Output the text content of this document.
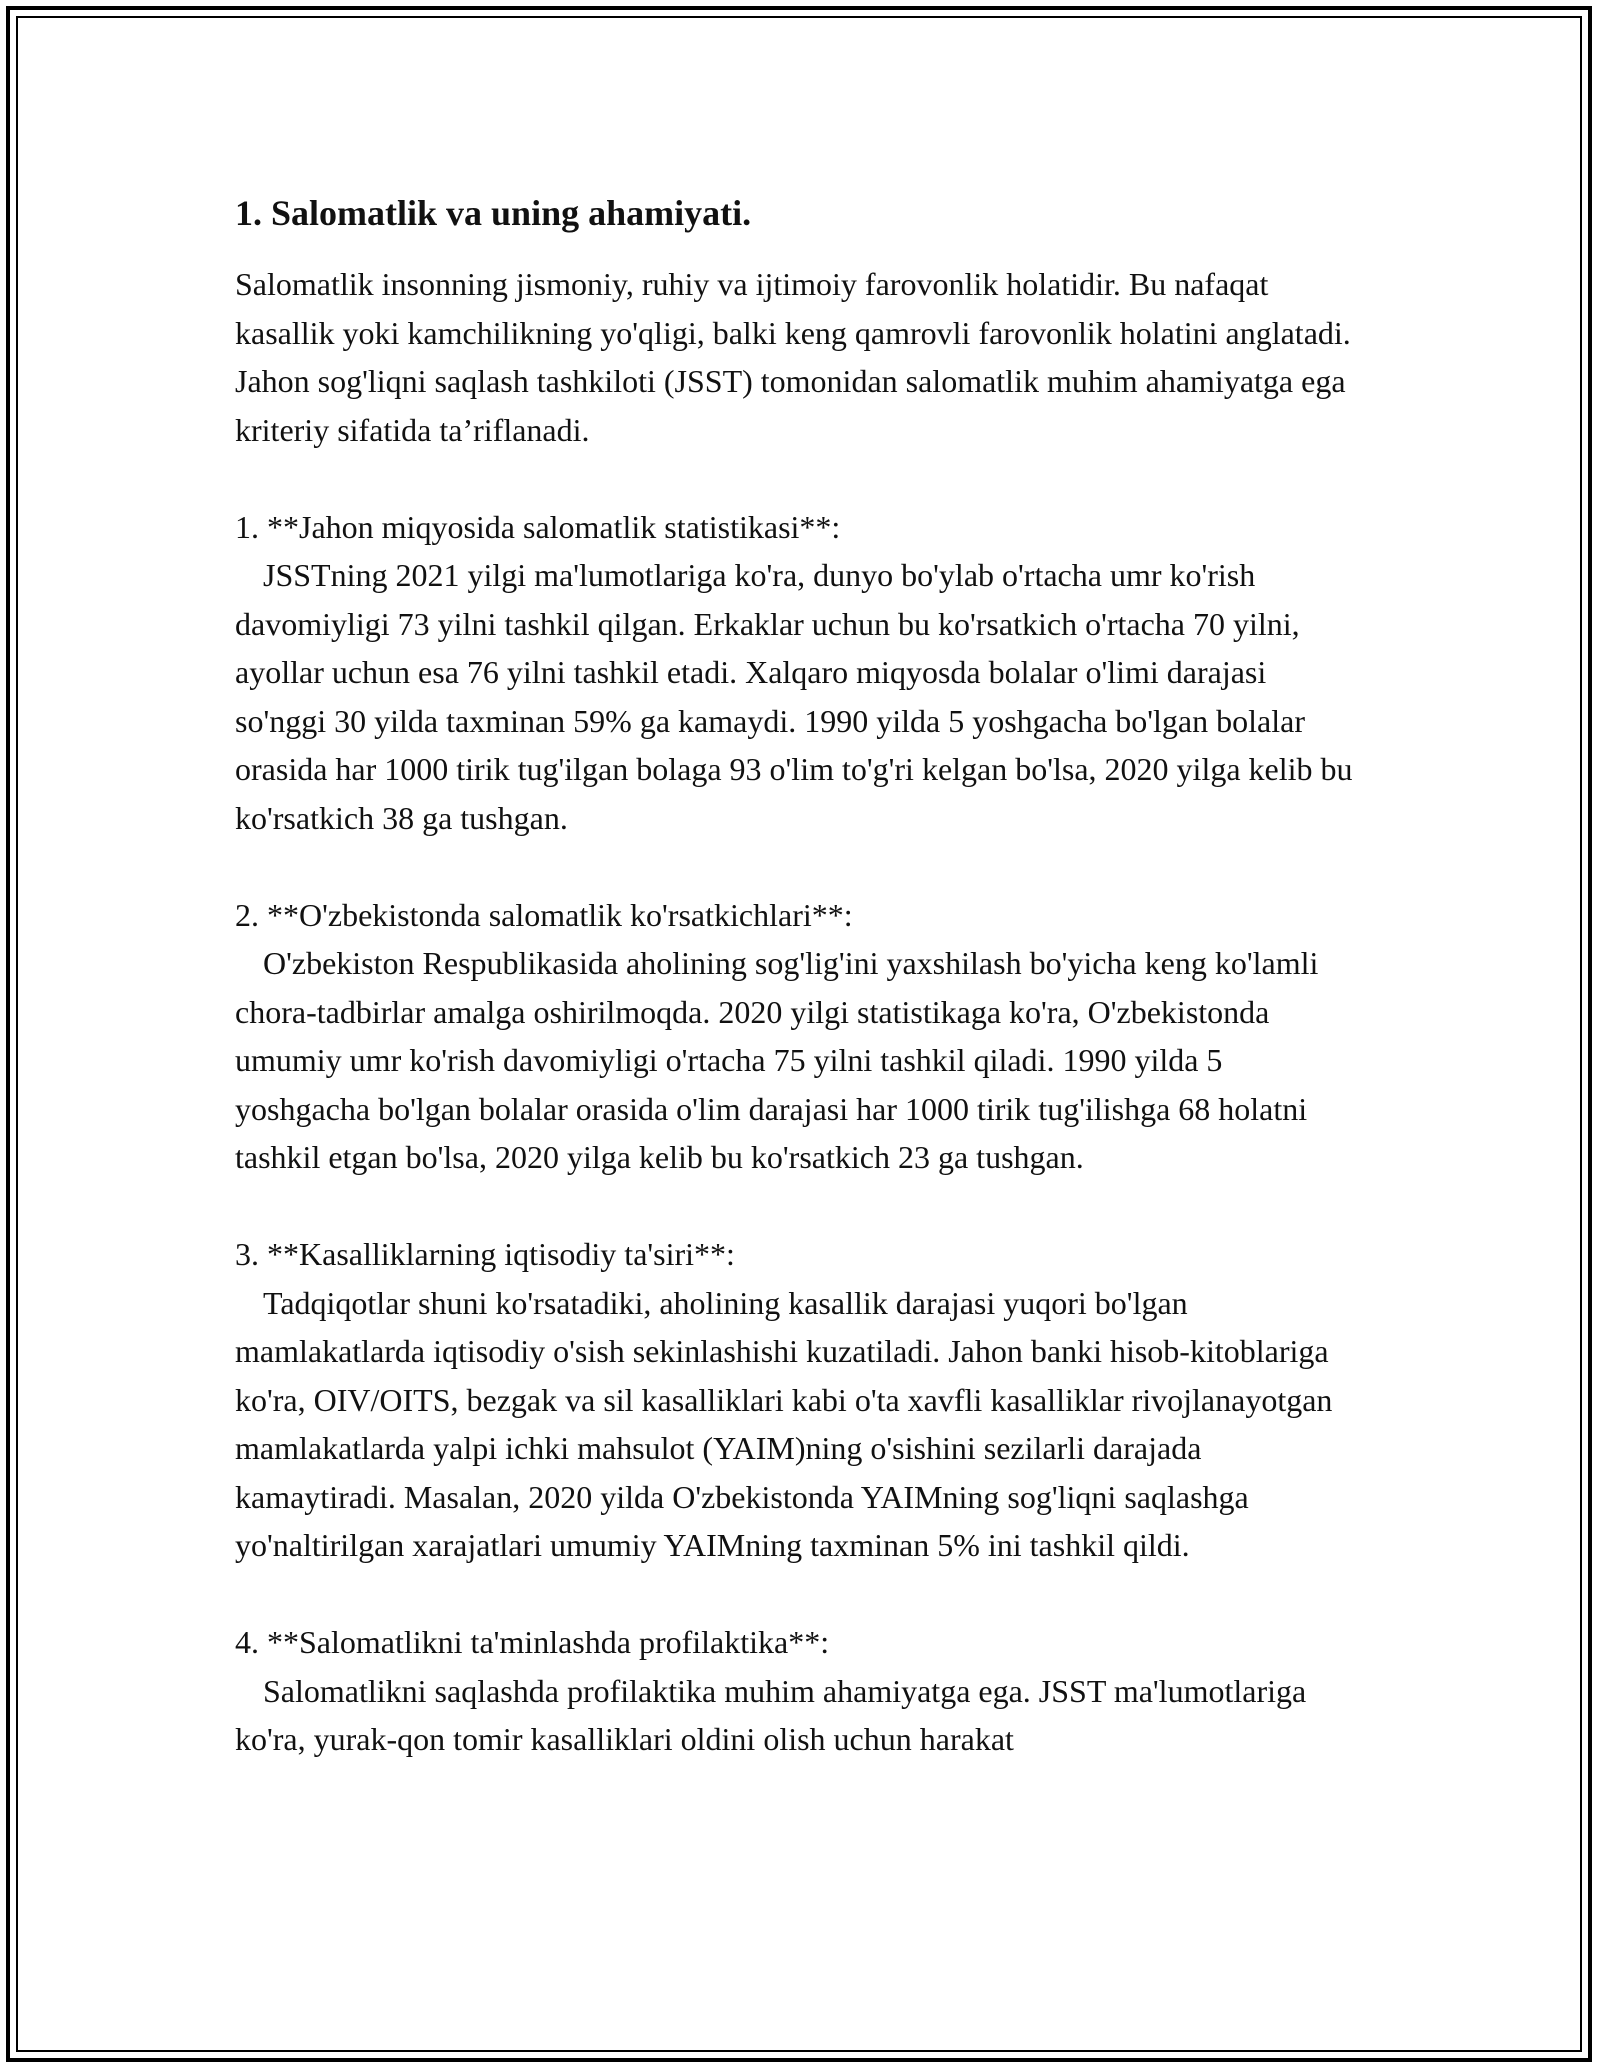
1. Salomatlik va uning ahamiyati.

Salomatlik insonning jismoniy, ruhiy va ijtimoiy farovonlik holatidir. Bu nafaqat kasallik yoki kamchilikning yo'qligi, balki keng qamrovli farovonlik holatini anglatadi. Jahon sog'liqni saqlash tashkiloti (JSST) tomonidan salomatlik muhim ahamiyatga ega kriteriy sifatida ta’riflanadi.

1. **Jahon miqyosida salomatlik statistikasi**:
JSSTning 2021 yilgi ma'lumotlariga ko'ra, dunyo bo'ylab o'rtacha umr ko'rish davomiyligi 73 yilni tashkil qilgan. Erkaklar uchun bu ko'rsatkich o'rtacha 70 yilni, ayollar uchun esa 76 yilni tashkil etadi. Xalqaro miqyosda bolalar o'limi darajasi so'nggi 30 yilda taxminan 59% ga kamaydi. 1990 yilda 5 yoshgacha bo'lgan bolalar orasida har 1000 tirik tug'ilgan bolaga 93 o'lim to'g'ri kelgan bo'lsa, 2020 yilga kelib bu ko'rsatkich 38 ga tushgan.

2. **O'zbekistonda salomatlik ko'rsatkichlari**:
O'zbekiston Respublikasida aholining sog'lig'ini yaxshilash bo'yicha keng ko'lamli chora-tadbirlar amalga oshirilmoqda. 2020 yilgi statistikaga ko'ra, O'zbekistonda umumiy umr ko'rish davomiyligi o'rtacha 75 yilni tashkil qiladi. 1990 yilda 5 yoshgacha bo'lgan bolalar orasida o'lim darajasi har 1000 tirik tug'ilishga 68 holatni tashkil etgan bo'lsa, 2020 yilga kelib bu ko'rsatkich 23 ga tushgan.

3. **Kasalliklarning iqtisodiy ta'siri**:
Tadqiqotlar shuni ko'rsatadiki, aholining kasallik darajasi yuqori bo'lgan mamlakatlarda iqtisodiy o'sish sekinlashishi kuzatiladi. Jahon banki hisob-kitoblariga ko'ra, OIV/OITS, bezgak va sil kasalliklari kabi o'ta xavfli kasalliklar rivojlanayotgan mamlakatlarda yalpi ichki mahsulot (YAIM)ning o'sishini sezilarli darajada kamaytiradi. Masalan, 2020 yilda O'zbekistonda YAIMning sog'liqni saqlashga yo'naltirilgan xarajatlari umumiy YAIMning taxminan 5% ini tashkil qildi.

4. **Salomatlikni ta'minlashda profilaktika**:
Salomatlikni saqlashda profilaktika muhim ahamiyatga ega. JSST ma'lumotlariga ko'ra, yurak-qon tomir kasalliklari oldini olish uchun harakat
